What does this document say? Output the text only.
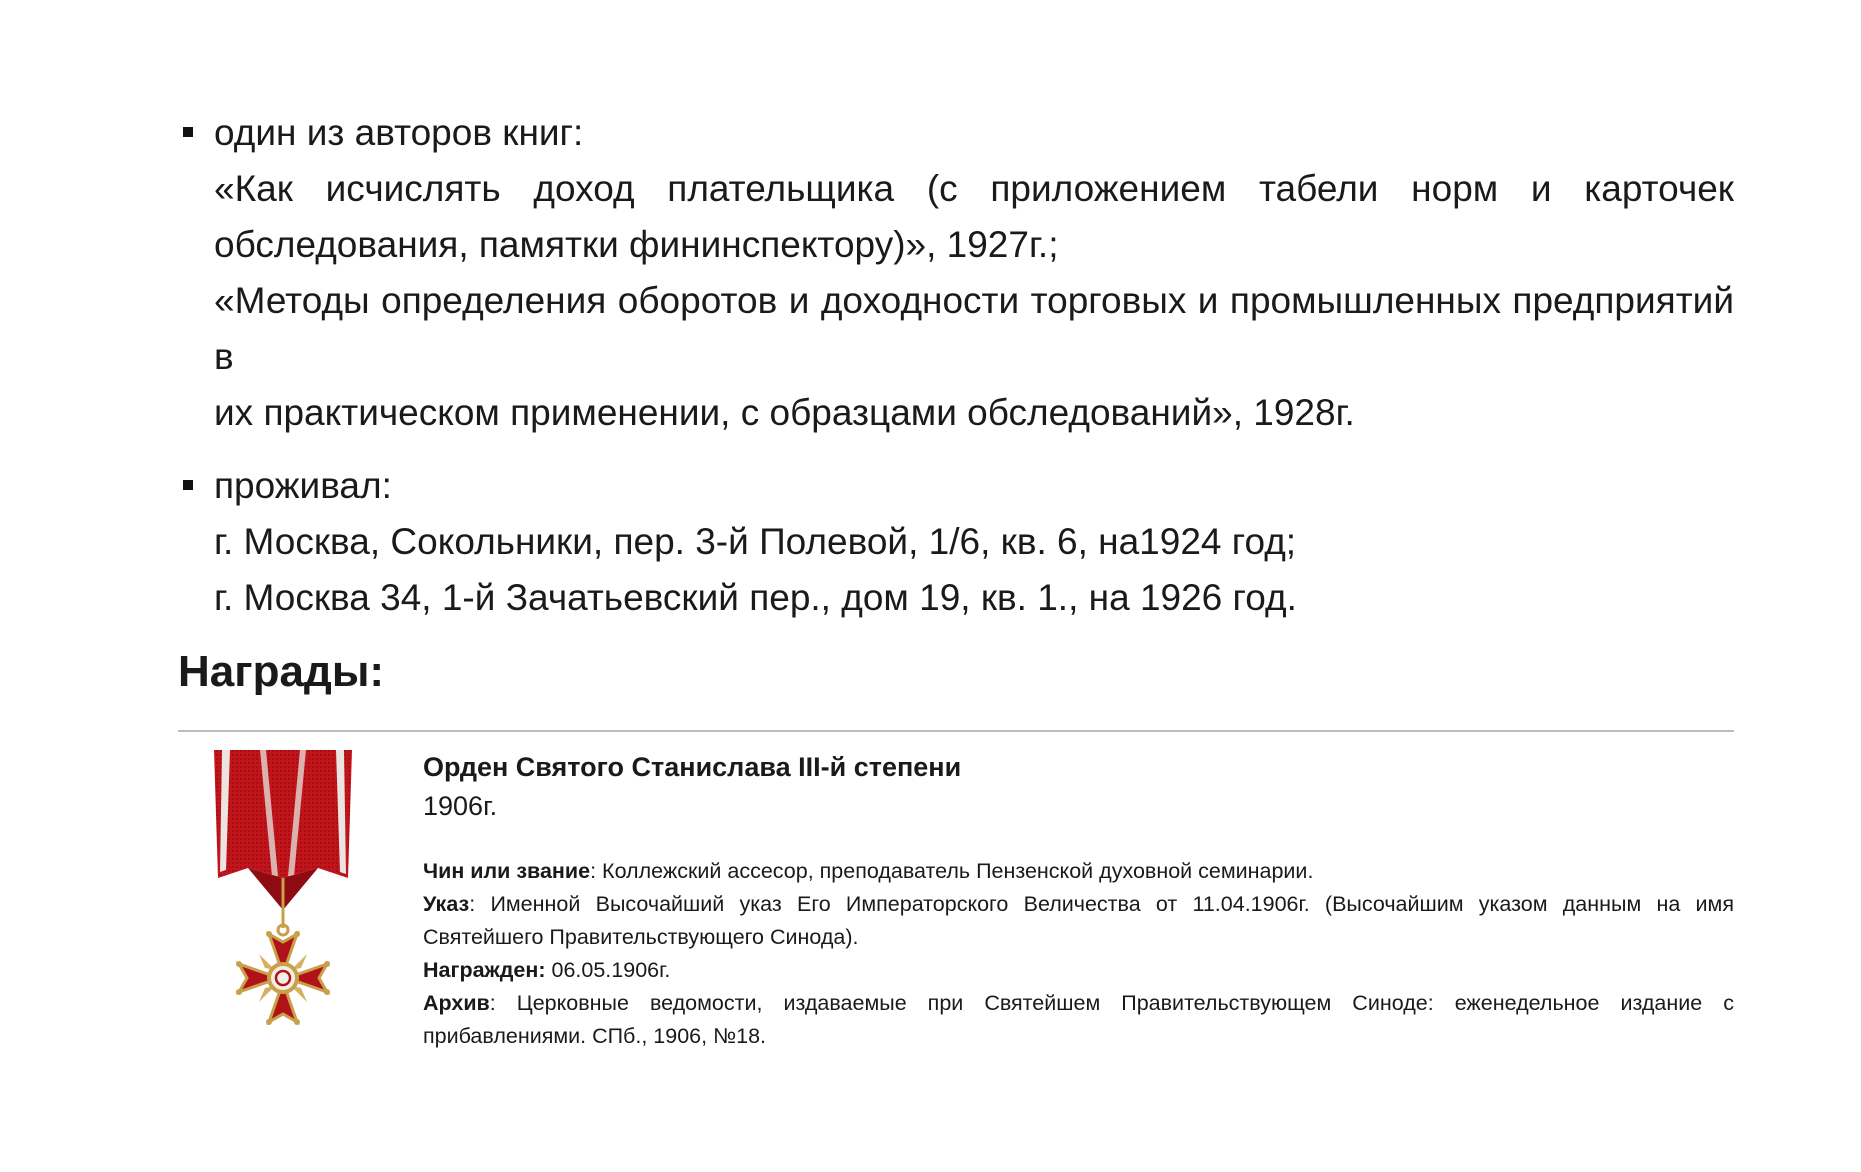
один из авторов книг:
«Как исчислять доход плательщика (с приложением табели норм и карточек
обследования, памятки фининспектору)», 1927г.;
«Методы определения оборотов и доходности торговых и промышленных предприятий в
их практическом применении, с образцами обследований», 1928г.
проживал:
г. Москва, Сокольники, пер. 3-й Полевой, 1/6, кв. 6, на1924 год;
г. Москва 34, 1-й Зачатьевский пер., дом 19, кв. 1., на 1926 год.
Награды:
Орден Святого Станислава III-й степени
1906г.
Чин или звание: Коллежский ассесор, преподаватель Пензенской духовной семинарии.
Указ: Именной Высочайший указ Его Императорского Величества от 11.04.1906г. (Высочайшим указом данным на имя Святейшего Правительствующего Синода).
Награжден: 06.05.1906г.
Архив: Церковные ведомости, издаваемые при Святейшем Правительствующем Синоде: еженедельное издание с прибавлениями. СПб., 1906, №18.
